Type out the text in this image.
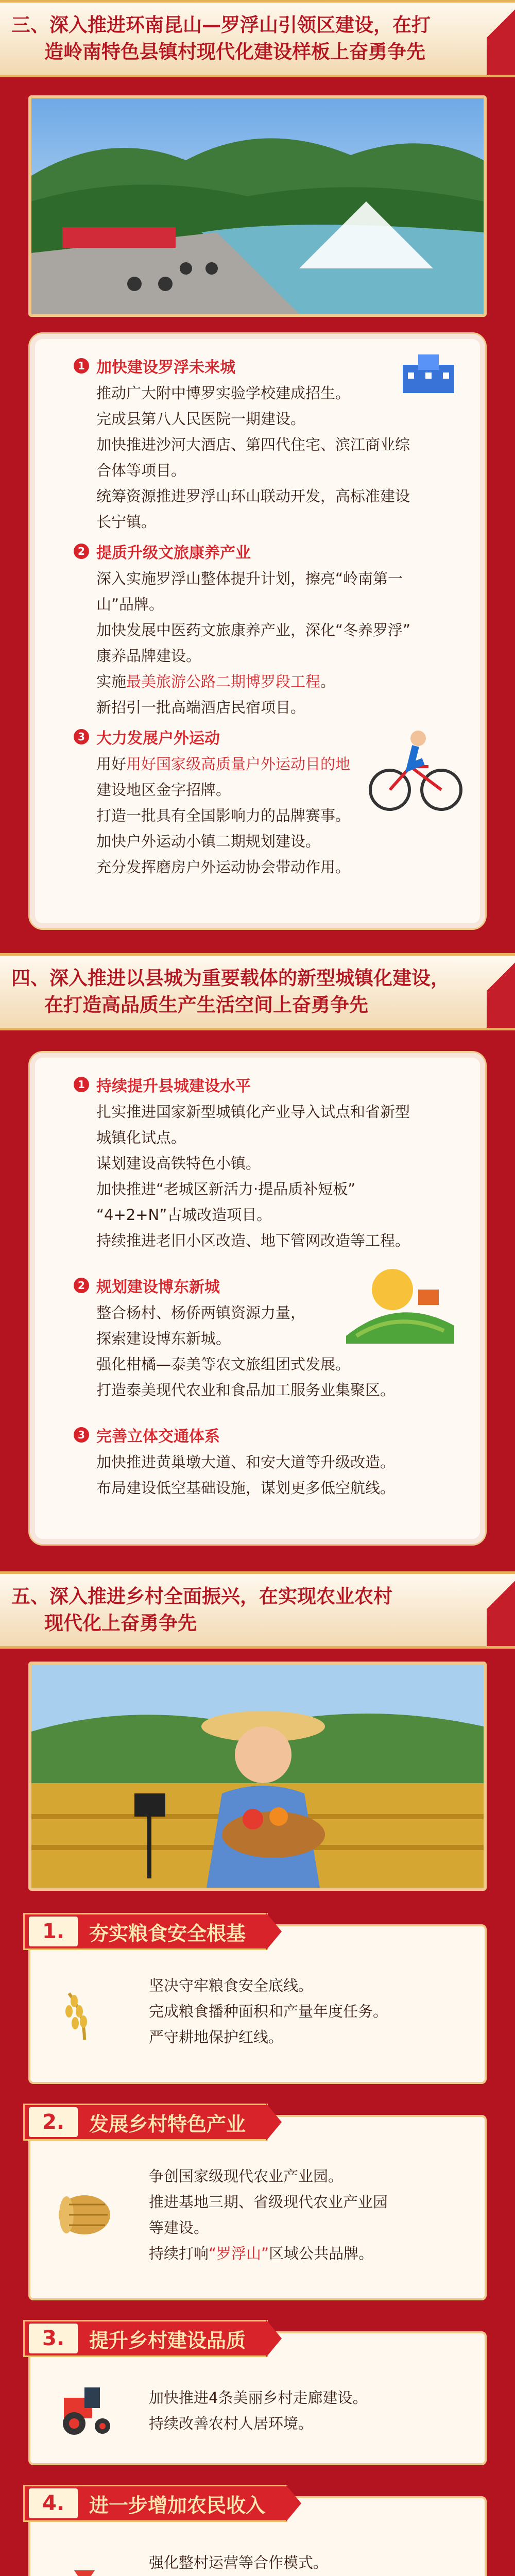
三、深入推进环南昆山—罗浮山引领区建设，在打
造岭南特色县镇村现代化建设样板上奋勇争先
1 加快建设罗浮未来城
推动广大附中博罗实验学校建成招生。
完成县第八人民医院一期建设。
加快推进沙河大酒店、第四代住宅、滨江商业综
合体等项目。
统筹资源推进罗浮山环山联动开发，高标准建设
长宁镇。
2 提质升级文旅康养产业
深入实施罗浮山整体提升计划，擦亮“岭南第一
山”品牌。
加快发展中医药文旅康养产业，深化“冬养罗浮”
康养品牌建设。
实施最美旅游公路二期博罗段工程。
新招引一批高端酒店民宿项目。
3 大力发展户外运动
用好用好国家级高质量户外运动目的地
建设地区金字招牌。
打造一批具有全国影响力的品牌赛事。
加快户外运动小镇二期规划建设。
充分发挥磨房户外运动协会带动作用。
四、深入推进以县城为重要载体的新型城镇化建设，
在打造高品质生产生活空间上奋勇争先
1 持续提升县城建设水平
扎实推进国家新型城镇化产业导入试点和省新型
城镇化试点。
谋划建设高铁特色小镇。
加快推进“老城区新活力·提品质补短板”
“4+2+N”古城改造项目。
持续推进老旧小区改造、地下管网改造等工程。
2 规划建设博东新城
整合杨村、杨侨两镇资源力量，
探索建设博东新城。
强化柑橘—泰美等农文旅组团式发展。
打造泰美现代农业和食品加工服务业集聚区。
3 完善立体交通体系
加快推进黄巢墩大道、和安大道等升级改造。
布局建设低空基础设施，谋划更多低空航线。
五、深入推进乡村全面振兴，在实现农业农村
现代化上奋勇争先
1.	夯实粮食安全根基
坚决守牢粮食安全底线。
完成粮食播种面积和产量年度任务。
严守耕地保护红线。
2.	发展乡村特色产业
争创国家级现代农业产业园。
推进基地三期、省级现代农业产业园
等建设。
持续打响“罗浮山”区域公共品牌。
3.	提升乡村建设品质
加快推进4条美丽乡村走廊建设。
持续改善农村人居环境。
4.	进一步增加农民收入
强化整村运营等合作模式。
